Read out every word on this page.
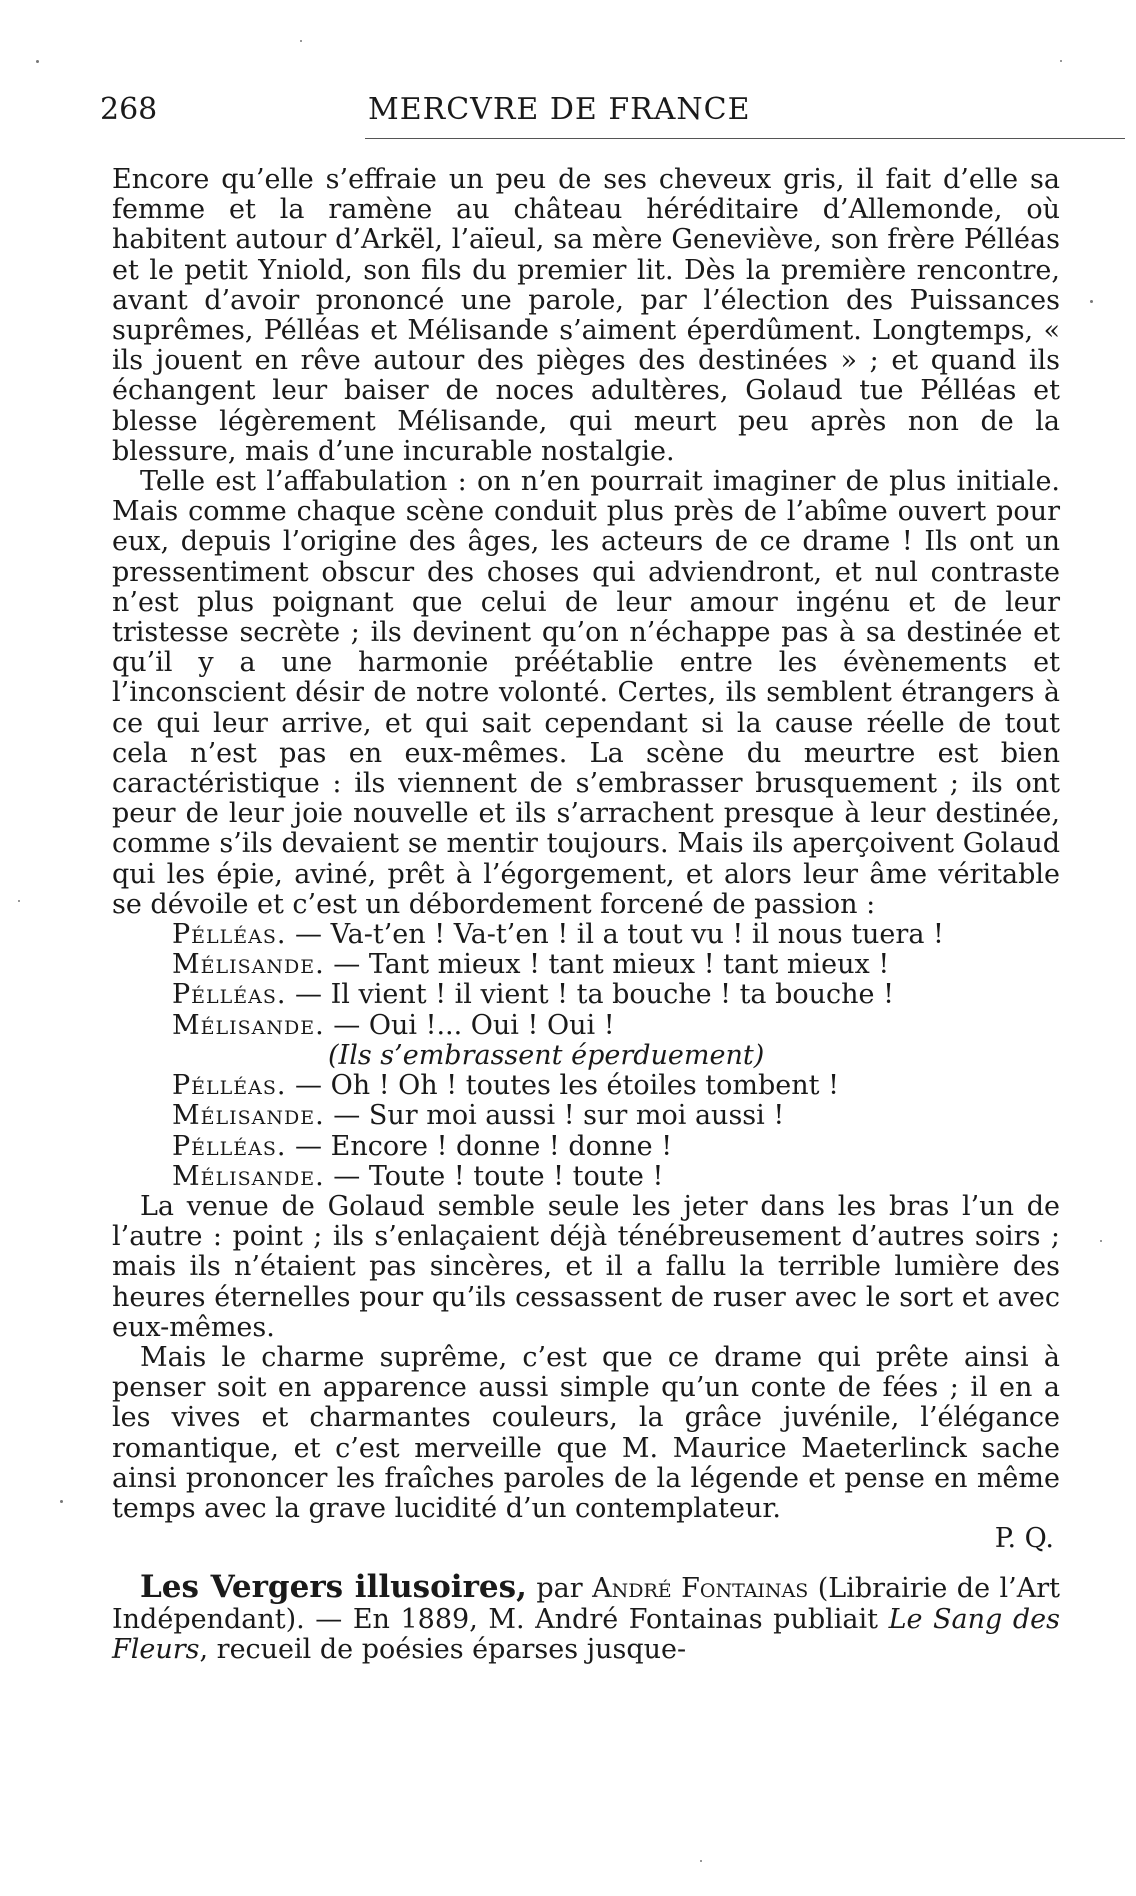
268	MERCVRE DE FRANCE

Encore qu’elle s’effraie un peu de ses cheveux gris, il fait d’elle sa femme et la ramène au château héréditaire d’Allemonde, où habitent autour d’Arkël, l’aïeul, sa mère Geneviève, son frère Pélléas et le petit Yniold, son fils du premier lit. Dès la première rencontre, avant d’avoir prononcé une parole, par l’élection des Puissances suprêmes, Pélléas et Mélisande s’aiment éperdûment. Longtemps, « ils jouent en rêve autour des pièges des destinées » ; et quand ils échangent leur baiser de noces adultères, Golaud tue Pélléas et blesse légèrement Mélisande, qui meurt peu après non de la blessure, mais d’une incurable nostalgie.

Telle est l’affabulation : on n’en pourrait imaginer de plus initiale. Mais comme chaque scène conduit plus près de l’abîme ouvert pour eux, depuis l’origine des âges, les acteurs de ce drame ! Ils ont un pressentiment obscur des choses qui adviendront, et nul contraste n’est plus poignant que celui de leur amour ingénu et de leur tristesse secrète ; ils devinent qu’on n’échappe pas à sa destinée et qu’il y a une harmonie préétablie entre les évènements et l’inconscient désir de notre volonté. Certes, ils semblent étrangers à ce qui leur arrive, et qui sait cependant si la cause réelle de tout cela n’est pas en eux-mêmes. La scène du meurtre est bien caractéristique : ils viennent de s’embrasser brusquement ; ils ont peur de leur joie nouvelle et ils s’arrachent presque à leur destinée, comme s’ils devaient se mentir toujours. Mais ils aperçoivent Golaud qui les épie, aviné, prêt à l’égorgement, et alors leur âme véritable se dévoile et c’est un débordement forcené de passion :

Pélléas. — Va-t’en ! Va-t’en ! il a tout vu ! il nous tuera !

Mélisande. — Tant mieux ! tant mieux ! tant mieux !

Pélléas. — Il vient ! il vient ! ta bouche ! ta bouche !

Mélisande. — Oui !... Oui ! Oui !

(Ils s’embrassent éperduement)

Pélléas. — Oh ! Oh ! toutes les étoiles tombent !

Mélisande. — Sur moi aussi ! sur moi aussi !

Pélléas. — Encore ! donne ! donne !

Mélisande. — Toute ! toute ! toute !

La venue de Golaud semble seule les jeter dans les bras l’un de l’autre : point ; ils s’enlaçaient déjà ténébreusement d’autres soirs ; mais ils n’étaient pas sincères, et il a fallu la terrible lumière des heures éternelles pour qu’ils cessassent de ruser avec le sort et avec eux-mêmes.

Mais le charme suprême, c’est que ce drame qui prête ainsi à penser soit en apparence aussi simple qu’un conte de fées ; il en a les vives et charmantes couleurs, la grâce juvénile, l’élégance romantique, et c’est merveille que M. Maurice Maeterlinck sache ainsi prononcer les fraîches paroles de la légende et pense en même temps avec la grave lucidité d’un contemplateur.

P. Q.

Les Vergers illusoires, par André Fontainas (Librairie de l’Art Indépendant). — En 1889, M. André Fontainas publiait Le Sang des Fleurs, recueil de poésies éparses jusque-
